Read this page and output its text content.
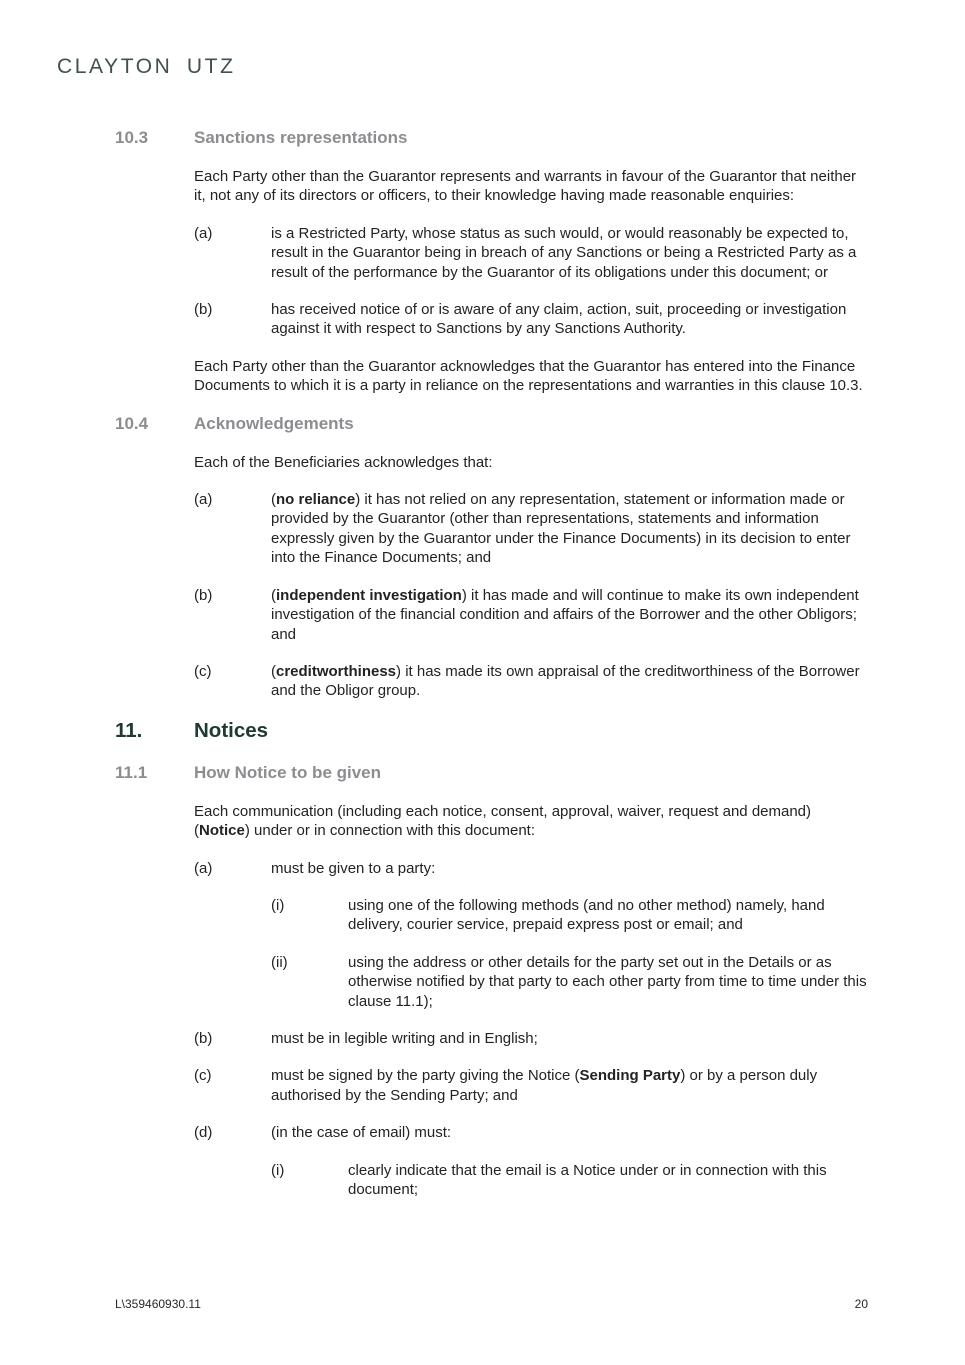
CLAYTON UTZ
10.3	Sanctions representations

Each Party other than the Guarantor represents and warrants in favour of the Guarantor that neither it, not any of its directors or officers, to their knowledge having made reasonable enquiries:

(a)	is a Restricted Party, whose status as such would, or would reasonably be expected to, result in the Guarantor being in breach of any Sanctions or being a Restricted Party as a result of the performance by the Guarantor of its obligations under this document; or
(b)	has received notice of or is aware of any claim, action, suit, proceeding or investigation against it with respect to Sanctions by any Sanctions Authority.

Each Party other than the Guarantor acknowledges that the Guarantor has entered into the Finance Documents to which it is a party in reliance on the representations and warranties in this clause 10.3.

10.4	Acknowledgements

Each of the Beneficiaries acknowledges that:

(a)	(no reliance) it has not relied on any representation, statement or information made or provided by the Guarantor (other than representations, statements and information expressly given by the Guarantor under the Finance Documents) in its decision to enter into the Finance Documents; and
(b)	(independent investigation) it has made and will continue to make its own independent investigation of the financial condition and affairs of the Borrower and the other Obligors; and
(c)	(creditworthiness) it has made its own appraisal of the creditworthiness of the Borrower and the Obligor group.
11.	Notices
11.1	How Notice to be given

Each communication (including each notice, consent, approval, waiver, request and demand) (Notice) under or in connection with this document:

(a)	must be given to a party:
(i)	using one of the following methods (and no other method) namely, hand delivery, courier service, prepaid express post or email; and
(ii)	using the address or other details for the party set out in the Details or as otherwise notified by that party to each other party from time to time under this clause 11.1);
(b)	must be in legible writing and in English;
(c)	must be signed by the party giving the Notice (Sending Party) or by a person duly authorised by the Sending Party; and
(d)	(in the case of email) must:
(i)	clearly indicate that the email is a Notice under or in connection with this document;
L\359460930.11	20
